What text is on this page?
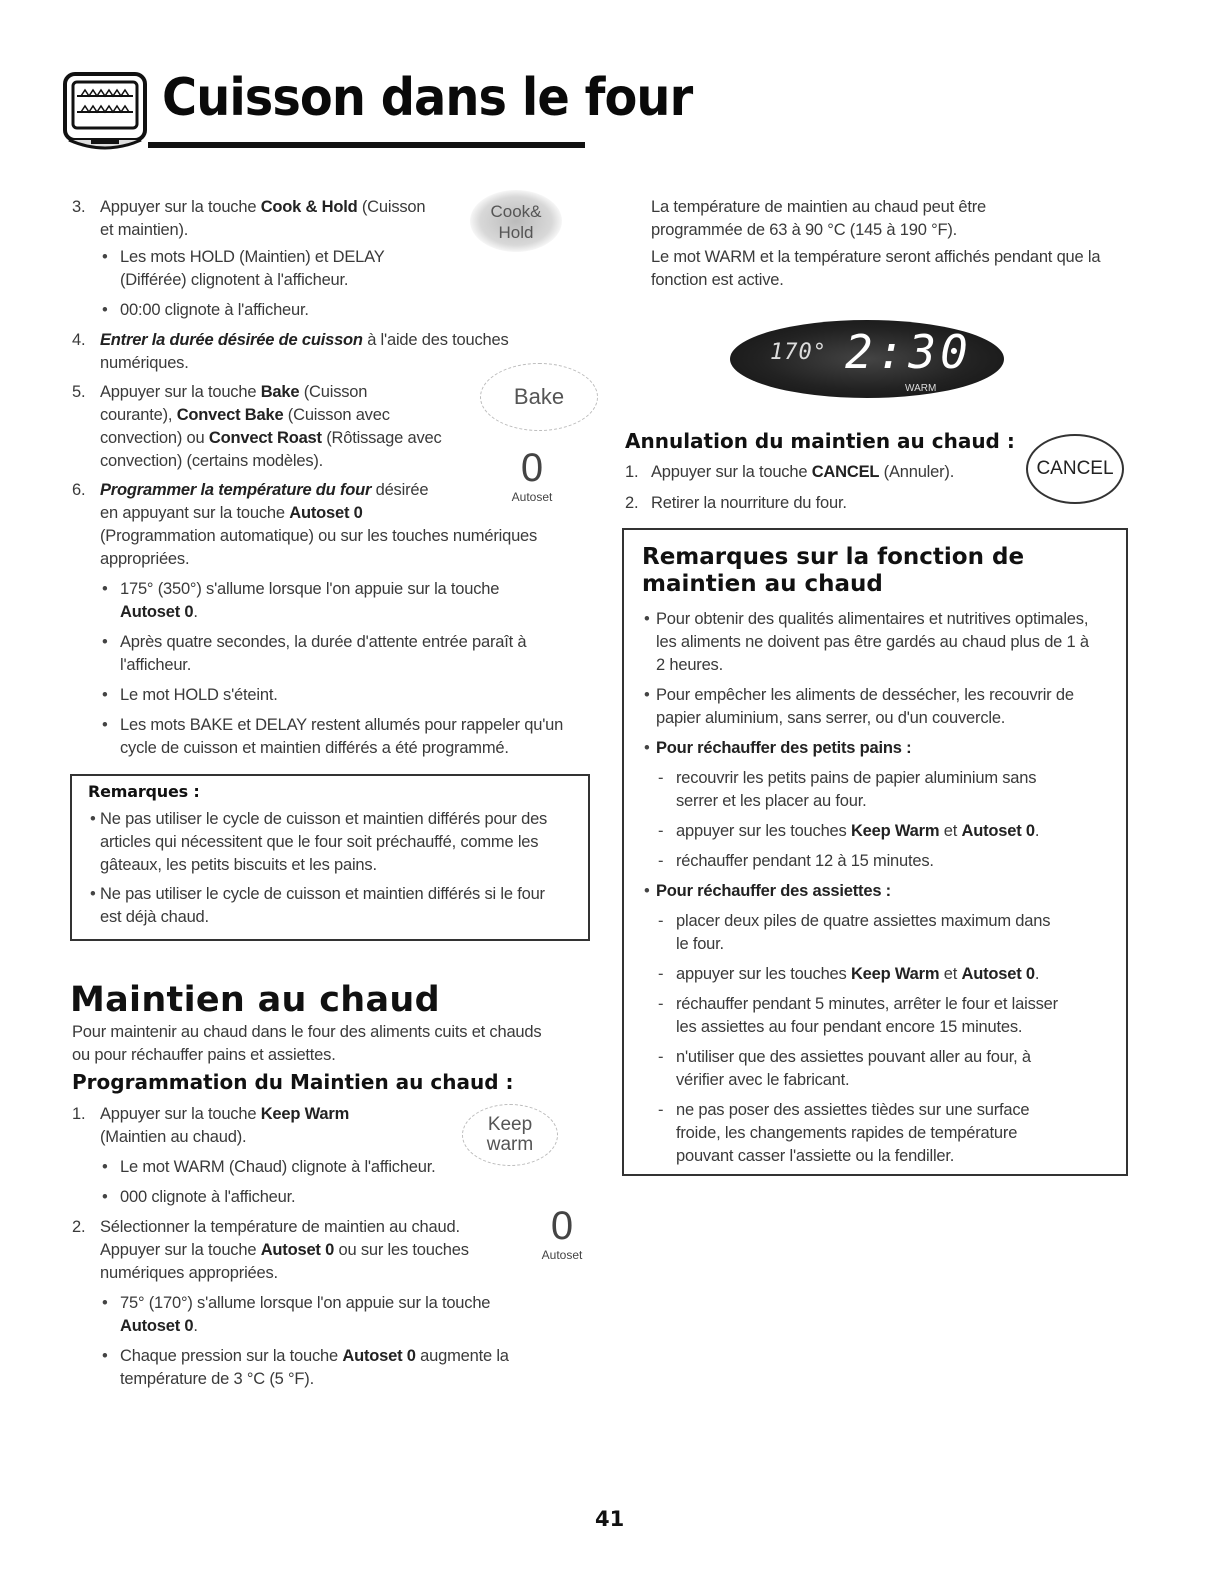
Cuisson dans le four
3. Appuyer sur la touche Cook & Hold (Cuisson
et maintien).
• Les mots HOLD (Maintien) et DELAY
(Différée) clignotent à l'afficheur.
• 00:00 clignote à l'afficheur.
4. Entrer la durée désirée de cuisson à l'aide des touches
numériques.
5. Appuyer sur la touche Bake (Cuisson
courante), Convect Bake (Cuisson avec
convection) ou Convect Roast (Rôtissage avec
convection) (certains modèles).
6. Programmer la température du four désirée
en appuyant sur la touche Autoset 0
(Programmation automatique) ou sur les touches numériques
appropriées.
• 175° (350°) s'allume lorsque l'on appuie sur la touche
Autoset 0.
• Après quatre secondes, la durée d'attente entrée paraît à
l'afficheur.
• Le mot HOLD s'éteint.
• Les mots BAKE et DELAY restent allumés pour rappeler qu'un
cycle de cuisson et maintien différés a été programmé.
Cook&
Hold
Bake
0
Autoset
Remarques :
• Ne pas utiliser le cycle de cuisson et maintien différés pour des
articles qui nécessitent que le four soit préchauffé, comme les
gâteaux, les petits biscuits et les pains.
• Ne pas utiliser le cycle de cuisson et maintien différés si le four
est déjà chaud.
Maintien au chaud
Pour maintenir au chaud dans le four des aliments cuits et chauds
ou pour réchauffer pains et assiettes.
Programmation du Maintien au chaud :
1. Appuyer sur la touche Keep Warm
(Maintien au chaud).
• Le mot WARM (Chaud) clignote à l'afficheur.
• 000 clignote à l'afficheur.
2. Sélectionner la température de maintien au chaud.
Appuyer sur la touche Autoset 0 ou sur les touches
numériques appropriées.
• 75° (170°) s'allume lorsque l'on appuie sur la touche
Autoset 0.
• Chaque pression sur la touche Autoset 0 augmente la
température de 3 °C (5 °F).
Keep
warm
0
Autoset
La température de maintien au chaud peut être
programmée de 63 à 90 °C (145 à 190 °F).
Le mot WARM et la température seront affichés pendant que la
fonction est active.
170° 2:30
WARM
Annulation du maintien au chaud :
1. Appuyer sur la touche CANCEL (Annuler).
2. Retirer la nourriture du four.
CANCEL
Remarques sur la fonction de
maintien au chaud
• Pour obtenir des qualités alimentaires et nutritives optimales,
les aliments ne doivent pas être gardés au chaud plus de 1 à
2 heures.
• Pour empêcher les aliments de dessécher, les recouvrir de
papier aluminium, sans serrer, ou d'un couvercle.
• Pour réchauffer des petits pains :
- recouvrir les petits pains de papier aluminium sans
serrer et les placer au four.
- appuyer sur les touches Keep Warm et Autoset 0.
- réchauffer pendant 12 à 15 minutes.
• Pour réchauffer des assiettes :
- placer deux piles de quatre assiettes maximum dans
le four.
- appuyer sur les touches Keep Warm et Autoset 0.
- réchauffer pendant 5 minutes, arrêter le four et laisser
les assiettes au four pendant encore 15 minutes.
- n'utiliser que des assiettes pouvant aller au four, à
vérifier avec le fabricant.
- ne pas poser des assiettes tièdes sur une surface
froide, les changements rapides de température
pouvant casser l'assiette ou la fendiller.
41
